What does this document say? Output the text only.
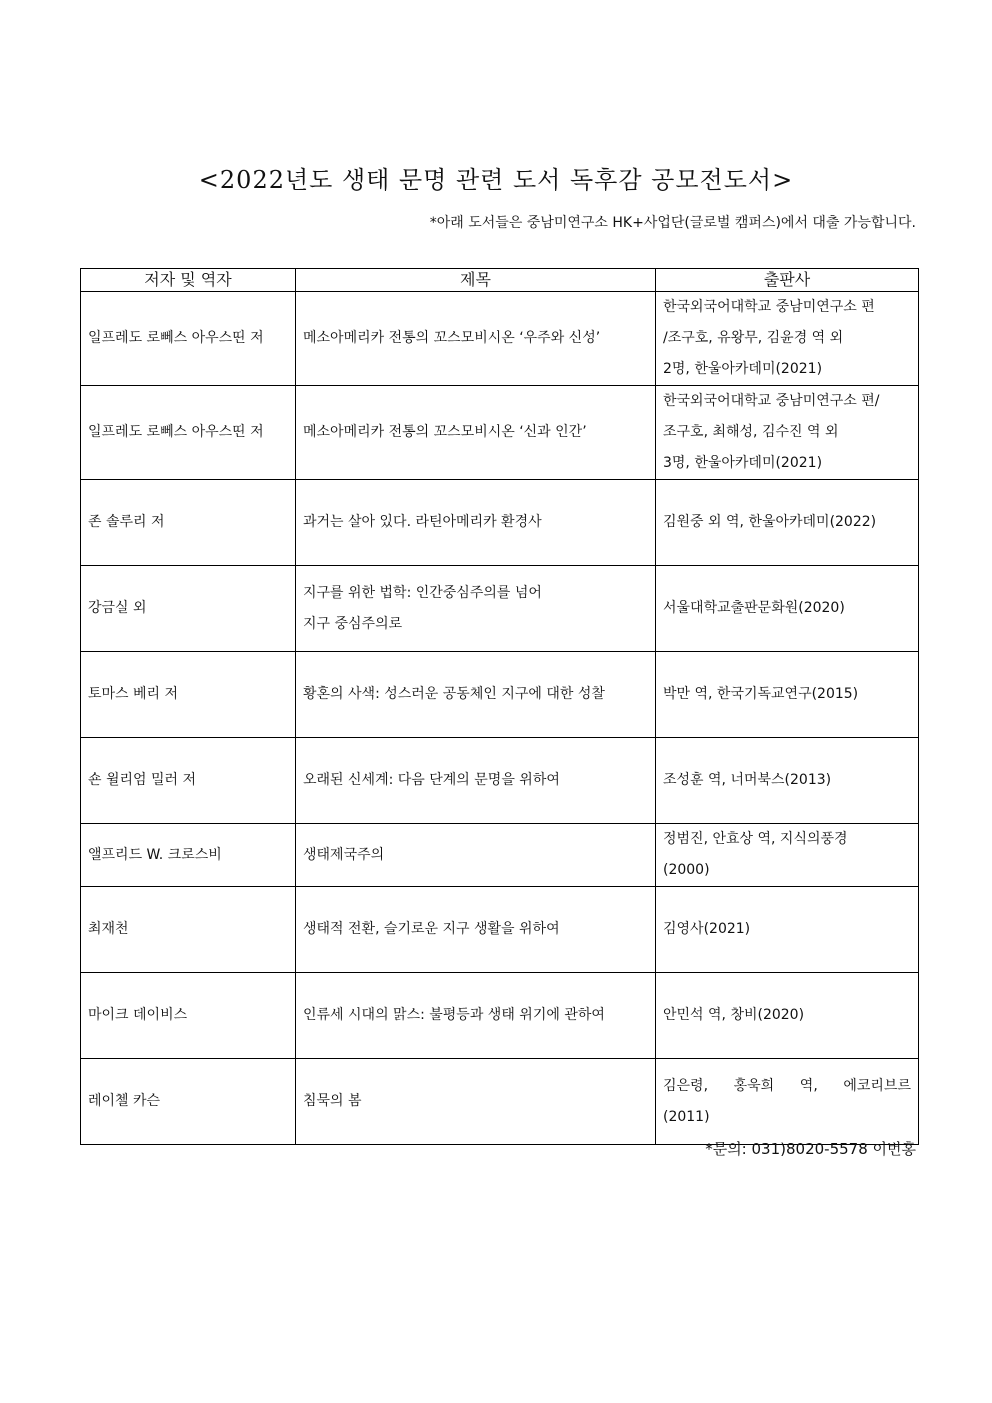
<2022년도 생태 문명 관련 도서 독후감 공모전도서>
*아래 도서들은 중남미연구소 HK+사업단(글로벌 캠퍼스)에서 대출 가능합니다.
저자 및 역자	제목	출판사
일프레도 로뻬스 아우스띤 저	메소아메리카 전통의 꼬스모비시온 ‘우주와 신성’	한국외국어대학교 중남미연구소 편
/조구호, 유왕무, 김윤경 역 외
2명, 한울아카데미(2021)

일프레도 로뻬스 아우스띤 저	메소아메리카 전통의 꼬스모비시온 ‘신과 인간’	한국외국어대학교 중남미연구소 편/
조구호, 최해성, 김수진 역 외
3명, 한울아카데미(2021)

존 솔루리 저	과거는 살아 있다. 라틴아메리카 환경사	김원중 외 역, 한울아카데미(2022)

강금실 외	지구를 위한 법학: 인간중심주의를 넘어
지구 중심주의로	서울대학교출판문화원(2020)

토마스 베리 저	황혼의 사색: 성스러운 공동체인 지구에 대한 성찰	박만 역, 한국기독교연구(2015)

숀 윌리엄 밀러 저	오래된 신세계: 다음 단계의 문명을 위하여	조성훈 역, 너머북스(2013)

앨프리드 W. 크로스비	생태제국주의	정범진, 안효상 역, 지식의풍경
(2000)

최재천	생태적 전환, 슬기로운 지구 생활을 위하여	김영사(2021)

마이크 데이비스	인류세 시대의 맑스: 불평등과 생태 위기에 관하여	안민석 역, 창비(2020)

레이첼 카슨	침묵의 봄	김은령, 홍욱희 역, 에코리브르
(2011)
*문의: 031)8020-5578 이번홍
